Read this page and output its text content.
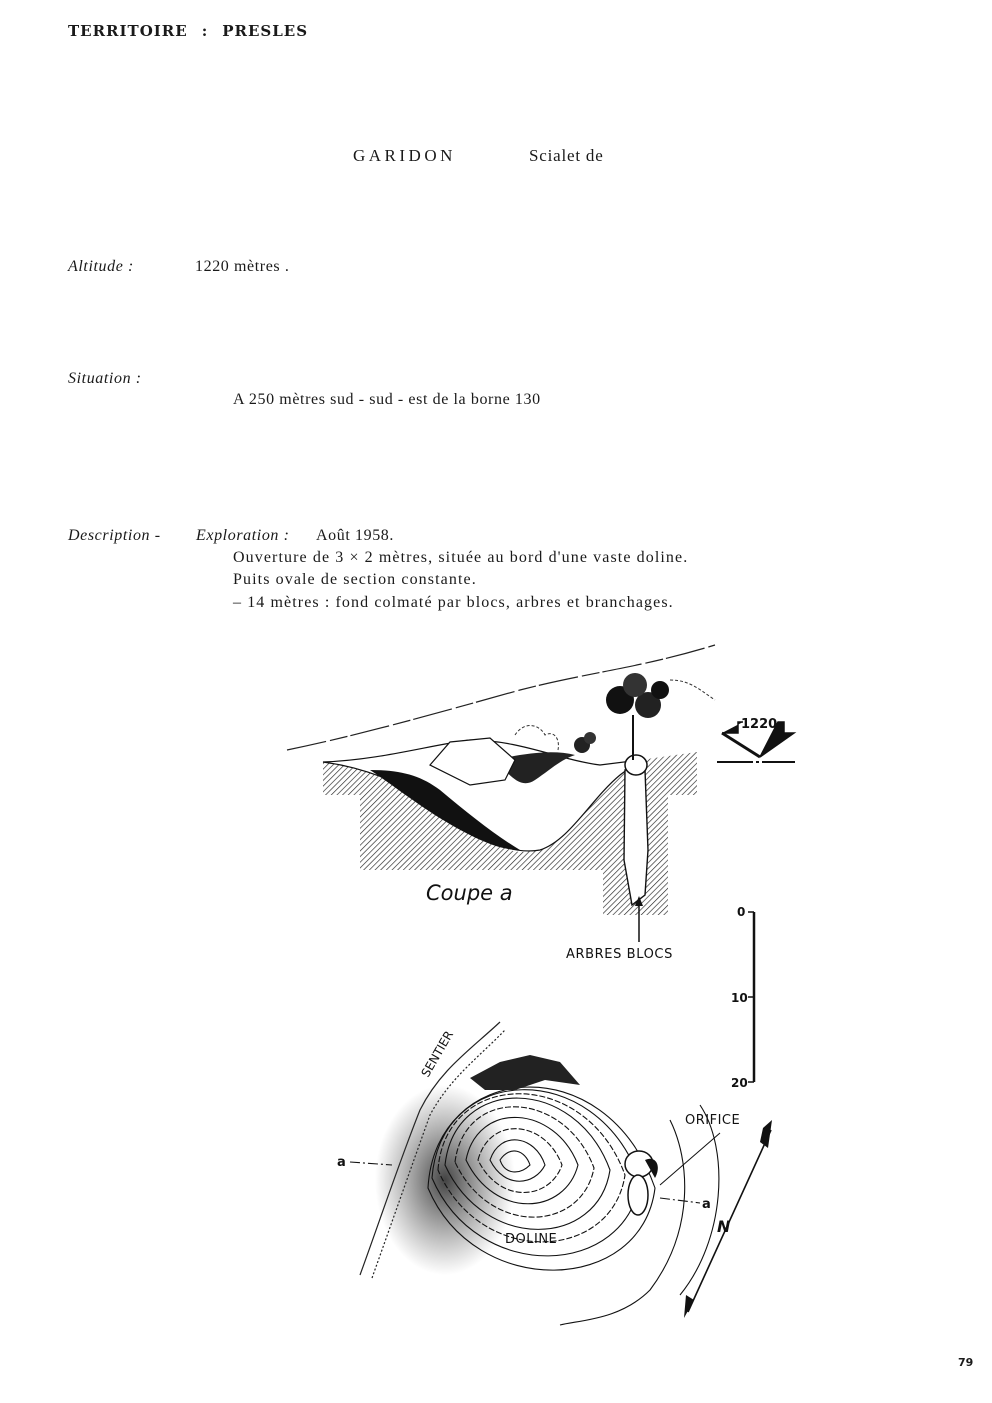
TERRITOIRE : PRESLES
GARIDON	Scialet de
Altitude :	1220 mètres .
Situation :
A 250 mètres sud - sud - est de la borne 130
Description - Exploration : Août 1958.
Ouverture de 3 × 2 mètres, située au bord d'une vaste doline.
Puits ovale de section constante.
– 14 mètres : fond colmaté par blocs, arbres et branchages.
Coupe a
ARBRES BLOCS
1220
0
10
20
SENTIER
ORIFICE
DOLINE
a
a
N
79
